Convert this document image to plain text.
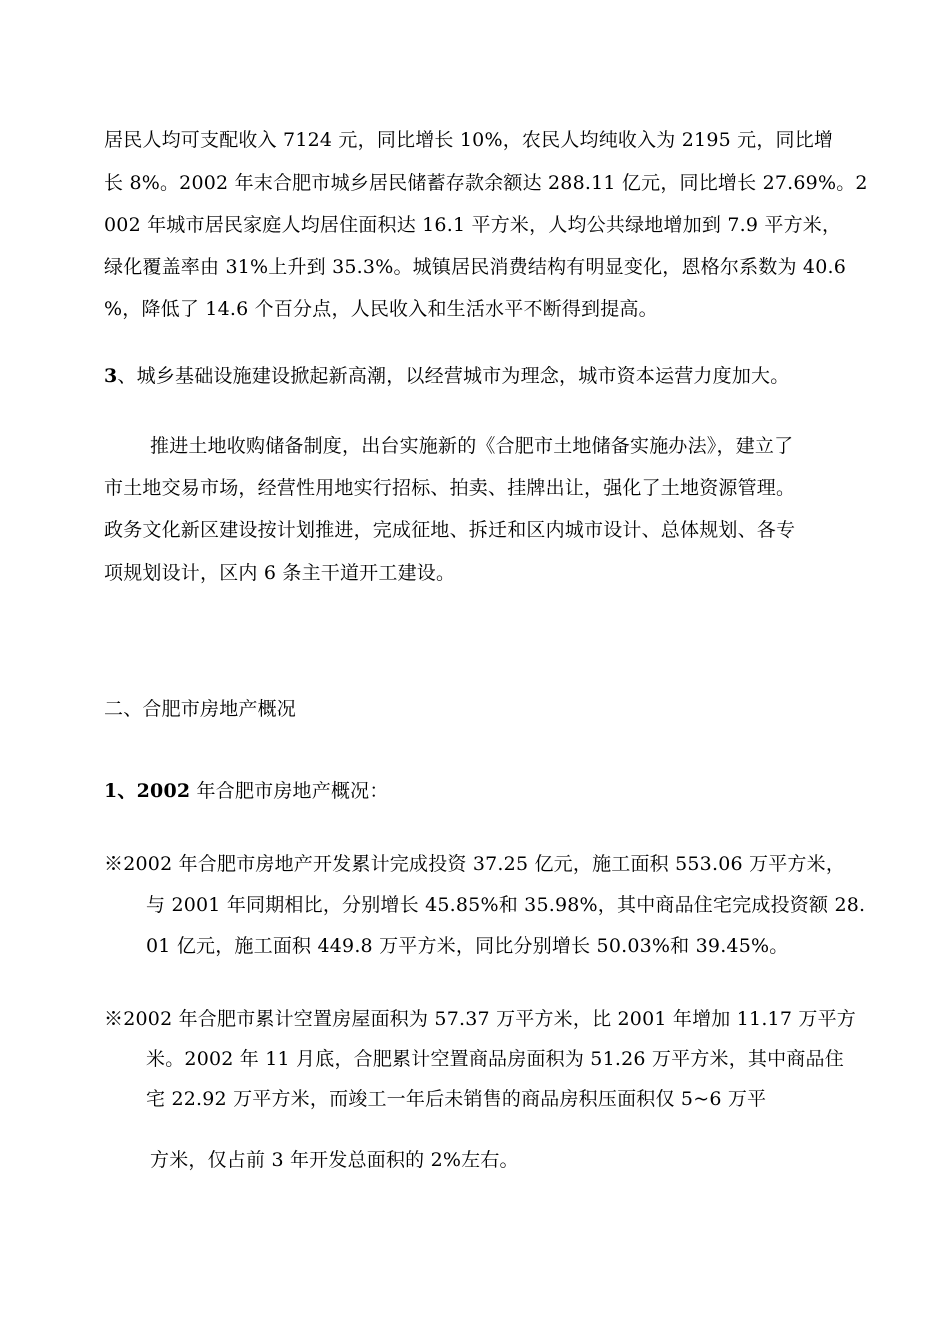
居民人均可支配收入 7124 元，同比增长 10%，农民人均纯收入为 2195 元，同比增
长 8%。2002 年末合肥市城乡居民储蓄存款余额达 288.11 亿元，同比增长 27.69%。2
002 年城市居民家庭人均居住面积达 16.1 平方米，人均公共绿地增加到 7.9 平方米，
绿化覆盖率由 31%上升到 35.3%。城镇居民消费结构有明显变化，恩格尔系数为 40.6
%，降低了 14.6 个百分点，人民收入和生活水平不断得到提高。
3、城乡基础设施建设掀起新高潮，以经营城市为理念，城市资本运营力度加大。
推进土地收购储备制度，出台实施新的《合肥市土地储备实施办法》，建立了
市土地交易市场，经营性用地实行招标、拍卖、挂牌出让，强化了土地资源管理。
政务文化新区建设按计划推进，完成征地、拆迁和区内城市设计、总体规划、各专
项规划设计，区内 6 条主干道开工建设。
二、合肥市房地产概况
1、2002 年合肥市房地产概况：
※2002 年合肥市房地产开发累计完成投资 37.25 亿元，施工面积 553.06 万平方米，
与 2001 年同期相比，分别增长 45.85%和 35.98%，其中商品住宅完成投资额 28.
01 亿元，施工面积 449.8 万平方米，同比分别增长 50.03%和 39.45%。
※2002 年合肥市累计空置房屋面积为 57.37 万平方米，比 2001 年增加 11.17 万平方
米。2002 年 11 月底，合肥累计空置商品房面积为 51.26 万平方米，其中商品住
宅 22.92 万平方米，而竣工一年后未销售的商品房积压面积仅 5~6 万平
方米，仅占前 3 年开发总面积的 2%左右。
